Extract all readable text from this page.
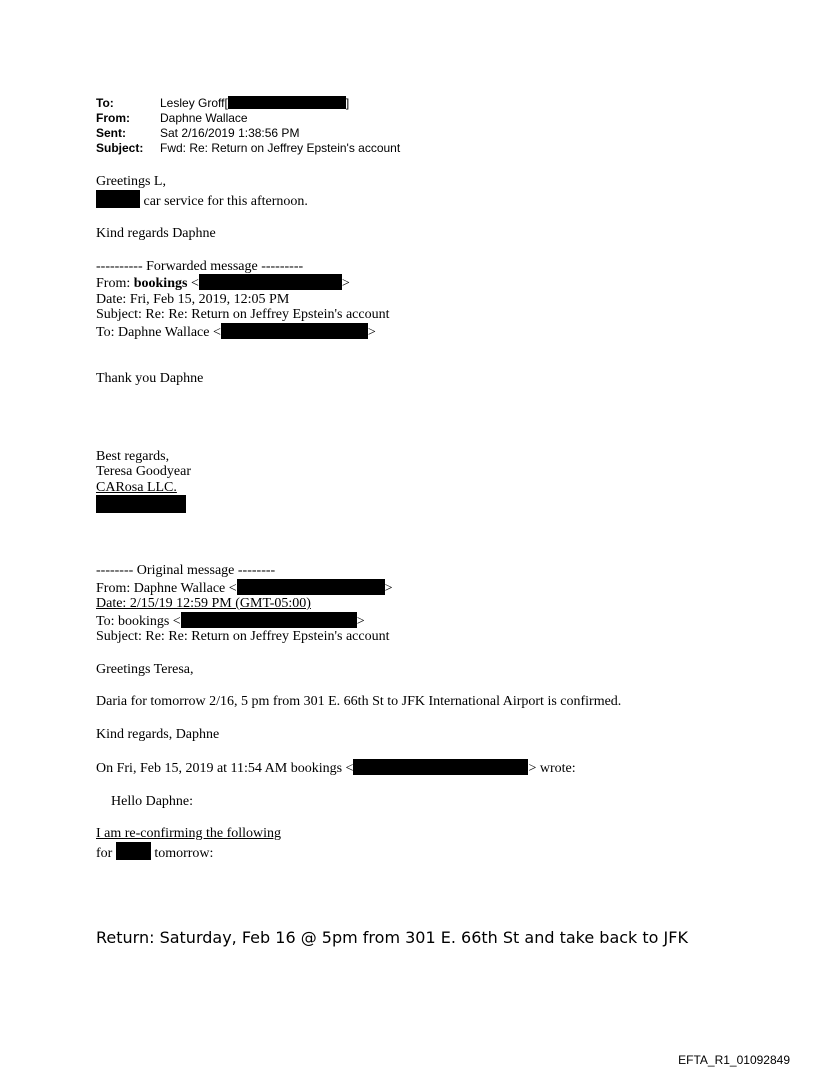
To:	Lesley Groff[	]
From:	Daphne Wallace
Sent:	Sat 2/16/2019 1:38:56 PM
Subject:	Fwd: Re: Return on Jeffrey Epstein's account
Greetings L,
car service for this afternoon.
Kind regards Daphne
---------- Forwarded message ---------
From: bookings <	>
Date: Fri, Feb 15, 2019, 12:05 PM
Subject: Re: Re: Return on Jeffrey Epstein's account
To: Daphne Wallace <	>
Thank you Daphne
Best regards,
Teresa Goodyear
CARosa LLC.
-------- Original message --------
From: Daphne Wallace <	>
Date: 2/15/19 12:59 PM (GMT-05:00)
To: bookings <	>
Subject: Re: Re: Return on Jeffrey Epstein's account
Greetings Teresa,
Daria for tomorrow 2/16, 5 pm from 301 E. 66th St to JFK International Airport is confirmed.
Kind regards, Daphne
On Fri, Feb 15, 2019 at 11:54 AM bookings <	> wrote:
Hello Daphne:
I am re-confirming the following
for	tomorrow:
Return: Saturday, Feb 16 @ 5pm from 301 E. 66th St and take back to JFK
EFTA_R1_01092849
